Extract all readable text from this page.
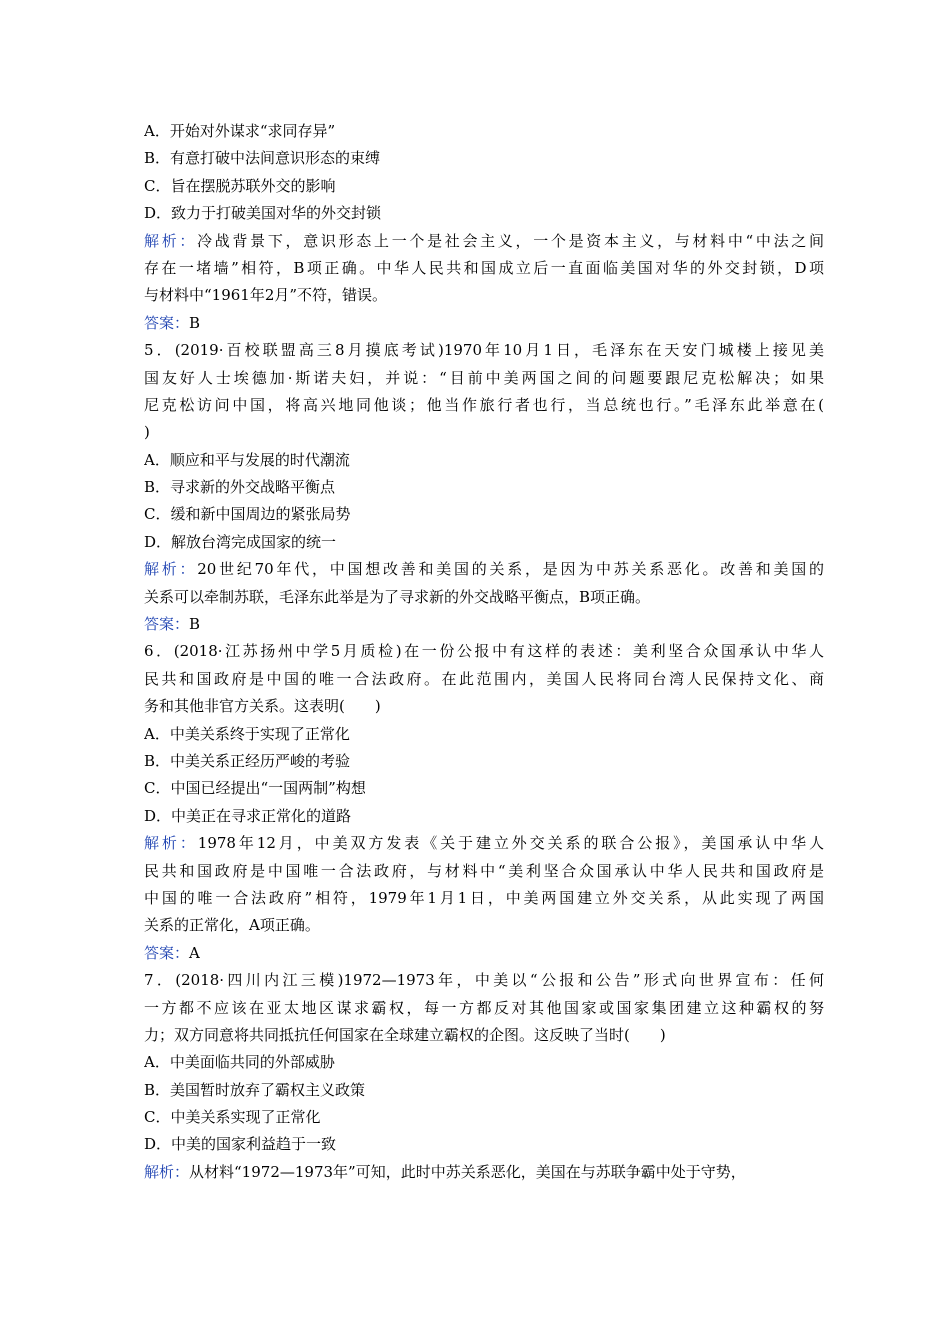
A．开始对外谋求“求同存异”
B．有意打破中法间意识形态的束缚
C．旨在摆脱苏联外交的影响
D．致力于打破美国对华的外交封锁
解析：冷战背景下，意识形态上一个是社会主义，一个是资本主义，与材料中“中法之间
存在一堵墙”相符，B项正确。中华人民共和国成立后一直面临美国对华的外交封锁，D项
与材料中“1961年2月”不符，错误。
答案：B
5．(2019·百校联盟高三8月摸底考试)1970年10月1日，毛泽东在天安门城楼上接见美
国友好人士埃德加·斯诺夫妇，并说：“目前中美两国之间的问题要跟尼克松解决；如果
尼克松访问中国，将高兴地同他谈；他当作旅行者也行，当总统也行。”毛泽东此举意在(
)
A．顺应和平与发展的时代潮流
B．寻求新的外交战略平衡点
C．缓和新中国周边的紧张局势
D．解放台湾完成国家的统一
解析：20世纪70年代，中国想改善和美国的关系，是因为中苏关系恶化。改善和美国的
关系可以牵制苏联，毛泽东此举是为了寻求新的外交战略平衡点，B项正确。
答案：B
6．(2018·江苏扬州中学5月质检)在一份公报中有这样的表述：美利坚合众国承认中华人
民共和国政府是中国的唯一合法政府。在此范围内，美国人民将同台湾人民保持文化、商
务和其他非官方关系。这表明(　　)
A．中美关系终于实现了正常化
B．中美关系正经历严峻的考验
C．中国已经提出“一国两制”构想
D．中美正在寻求正常化的道路
解析：1978年12月，中美双方发表《关于建立外交关系的联合公报》，美国承认中华人
民共和国政府是中国唯一合法政府，与材料中“美利坚合众国承认中华人民共和国政府是
中国的唯一合法政府”相符，1979年1月1日，中美两国建立外交关系，从此实现了两国
关系的正常化，A项正确。
答案：A
7．(2018·四川内江三模)1972—1973年，中美以“公报和公告”形式向世界宣布：任何
一方都不应该在亚太地区谋求霸权，每一方都反对其他国家或国家集团建立这种霸权的努
力；双方同意将共同抵抗任何国家在全球建立霸权的企图。这反映了当时(　　)
A．中美面临共同的外部威胁
B．美国暂时放弃了霸权主义政策
C．中美关系实现了正常化
D．中美的国家利益趋于一致
解析：从材料“1972—1973年”可知，此时中苏关系恶化，美国在与苏联争霸中处于守势，
